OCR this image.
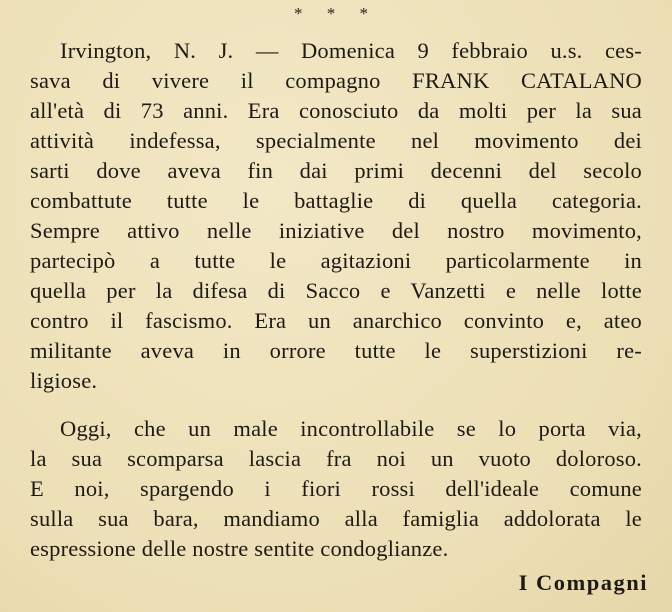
* * *
Irvington, N. J. — Domenica 9 febbraio u.s. ces-
sava di vivere il compagno FRANK CATALANO
all'età di 73 anni. Era conosciuto da molti per la sua
attività indefessa, specialmente nel movimento dei
sarti dove aveva fin dai primi decenni del secolo
combattute tutte le battaglie di quella categoria.
Sempre attivo nelle iniziative del nostro movimento,
partecipò a tutte le agitazioni particolarmente in
quella per la difesa di Sacco e Vanzetti e nelle lotte
contro il fascismo. Era un anarchico convinto e, ateo
militante aveva in orrore tutte le superstizioni re-
ligiose.
Oggi, che un male incontrollabile se lo porta via,
la sua scomparsa lascia fra noi un vuoto doloroso.
E noi, spargendo i fiori rossi dell'ideale comune
sulla sua bara, mandiamo alla famiglia addolorata le
espressione delle nostre sentite condoglianze.
I Compagni
